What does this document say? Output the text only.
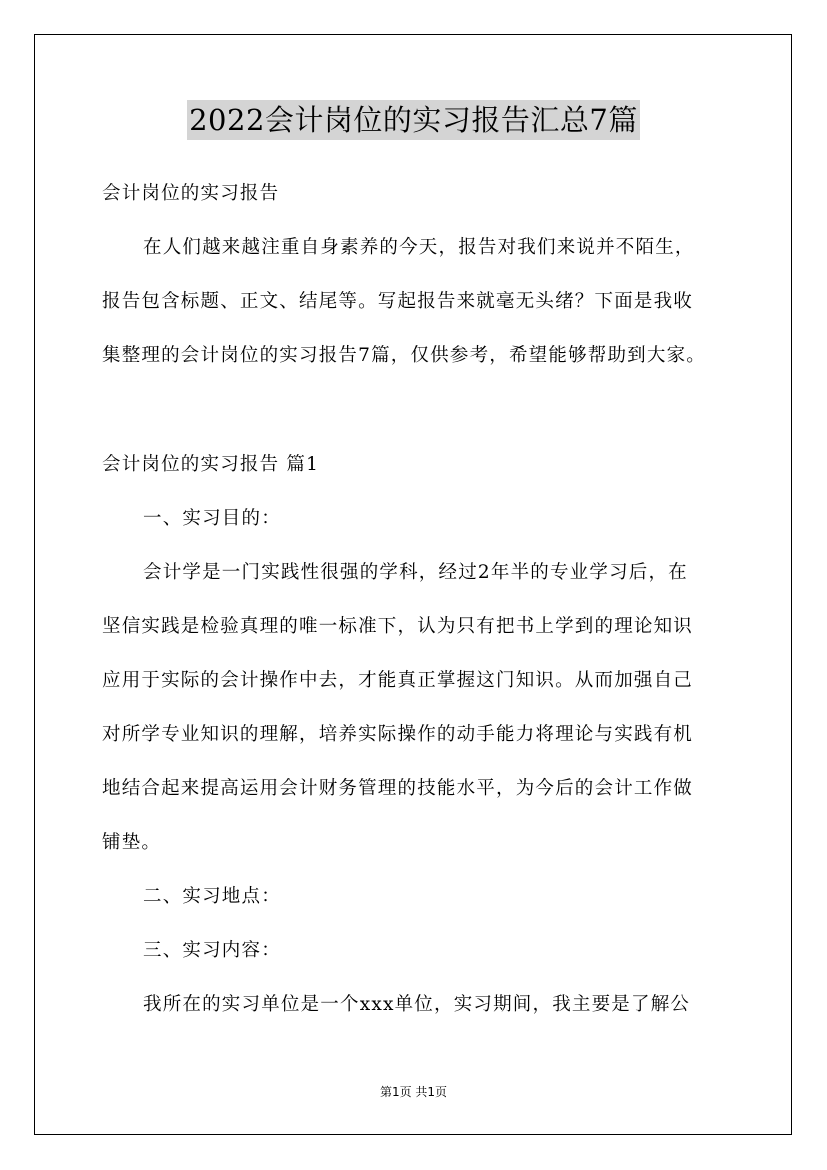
2022会计岗位的实习报告汇总7篇
会计岗位的实习报告
在人们越来越注重自身素养的今天，报告对我们来说并不陌生，
报告包含标题、正文、结尾等。写起报告来就毫无头绪？下面是我收
集整理的会计岗位的实习报告7篇，仅供参考，希望能够帮助到大家。
会计岗位的实习报告 篇1
一、实习目的：
会计学是一门实践性很强的学科，经过2年半的专业学习后，在
坚信实践是检验真理的唯一标准下，认为只有把书上学到的理论知识
应用于实际的会计操作中去，才能真正掌握这门知识。从而加强自己
对所学专业知识的理解，培养实际操作的动手能力将理论与实践有机
地结合起来提高运用会计财务管理的技能水平，为今后的会计工作做
铺垫。
二、实习地点：
三、实习内容：
我所在的实习单位是一个xxx单位，实习期间，我主要是了解公
第1页 共1页
